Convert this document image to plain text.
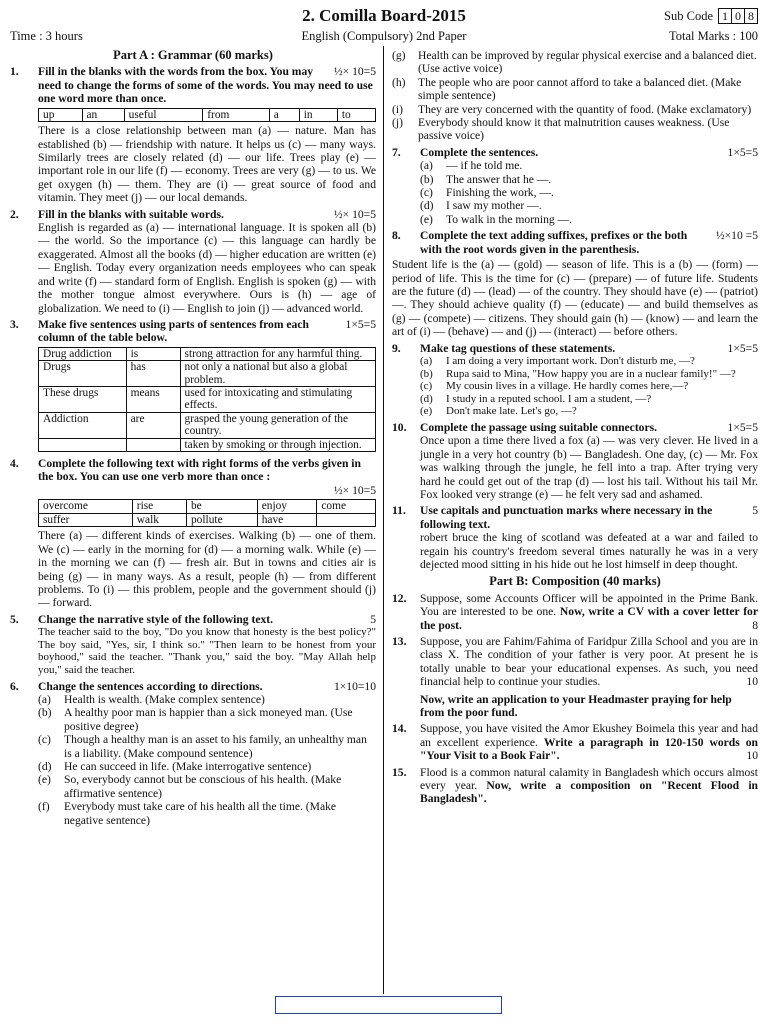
2. Comilla Board-2015
Time : 3 hours	English (Compulsory) 2nd Paper
Sub Code 1 0 8
Total Marks : 100
Part A : Grammar (60 marks)
1.	½× 10=5
Fill in the blanks with the words from the box. You may need to change the forms of some of the words. You may need to use one word more than once.
up	an	useful	from	a	in	to
There is a close relationship between man (a) — nature. Man has established (b) — friendship with nature. It helps us (c) — many ways. Similarly trees are closely related (d) — our life. Trees play (e) — important role in our life (f) — economy. Trees are very (g) — to us. We get oxygen (h) — them. They are (i) — great source of food and vitamin. They meet (j) — our local demands.
2.	½× 10=5
Fill in the blanks with suitable words.
English is regarded as (a) — international language. It is spoken all (b) — the world. So the importance (c) — this language can hardly be exaggerated. Almost all the books (d) — higher education are written (e) — English. Today every organization needs employees who can speak and write (f) — standard form of English. English is spoken (g) — with the mother tongue almost everywhere. Ours is (h) — age of globalization. We need to (i) — English to join (j) — advanced world.
3.	1×5=5
Make five sentences using parts of sentences from each column of the table below.
Drug addiction	is	strong attraction for any harmful thing.
Drugs	has	not only a national but also a global problem.
These drugs	means	used for intoxicating and stimulating effects.
Addiction	are	grasped the young generation of the country.
		taken by smoking or through injection.
4.	Complete the following text with right forms of the verbs given in the box. You can use one verb more than once :
½× 10=5
overcome	rise	be	enjoy	come
suffer	walk	pollute	have	
There (a) — different kinds of exercises. Walking (b) — one of them. We (c) — early in the morning for (d) — a morning walk. While (e) — in the morning we can (f) — fresh air. But in towns and cities air is being (g) — in many ways. As a result, people (h) — from different problems. To (i) — this problem, people and the government should (j) — forward.
5.	5
Change the narrative style of the following text.
The teacher said to the boy, "Do you know that honesty is the best policy?" The boy said, "Yes, sir, I think so." "Then learn to be honest from your boyhood," said the teacher. "Thank you," said the boy. "May Allah help you," said the teacher.
6.	1×10=10
Change the sentences according to directions.
(a)	Health is wealth. (Make complex sentence)
(b)	A healthy poor man is happier than a sick moneyed man. (Use positive degree)
(c)	Though a healthy man is an asset to his family, an unhealthy man is a liability. (Make compound sentence)
(d)	He can succeed in life. (Make interrogative sentence)
(e)	So, everybody cannot but be conscious of his health. (Make affirmative sentence)
(f)	Everybody must take care of his health all the time. (Make negative sentence)
(g)	Health can be improved by regular physical exercise and a balanced diet. (Use active voice)
(h)	The people who are poor cannot afford to take a balanced diet. (Make simple sentence)
(i)	They are very concerned with the quantity of food. (Make exclamatory)
(j)	Everybody should know it that malnutrition causes weakness. (Use passive voice)
7.	1×5=5
Complete the sentences.
(a)	— if he told me.
(b)	The answer that he —.
(c)	Finishing the work, —.
(d)	I saw my mother —.
(e)	To walk in the morning —.
8.	½×10 =5
Complete the text adding suffixes, prefixes or the both with the root words given in the parenthesis.
Student life is the (a) — (gold) — season of life. This is a (b) — (form) — period of life. This is the time for (c) — (prepare) — of future life. Students are the future (d) — (lead) — of the country. They should have (e) — (patriot) —. They should achieve quality (f) — (educate) — and build themselves as (g) — (compete) — citizens. They should gain (h) — (know) — and learn the art of (i) — (behave) — and (j) — (interact) — before others.
9.	1×5=5
Make tag questions of these statements.
(a)	I am doing a very important work. Don't disturb me, —?
(b)	Rupa said to Mina, "How happy you are in a nuclear family!" —?
(c)	My cousin lives in a village. He hardly comes here,—?
(d)	I study in a reputed school. I am a student, —?
(e)	Don't make late. Let's go, —?
10.	1×5=5
Complete the passage using suitable connectors.
Once upon a time there lived a fox (a) — was very clever. He lived in a jungle in a very hot country (b) — Bangladesh. One day, (c) — Mr. Fox was walking through the jungle, he fell into a trap. After trying very hard he could get out of the trap (d) — lost his tail. Without his tail Mr. Fox looked very strange (e) — he felt very sad and ashamed.
11.	5
Use capitals and punctuation marks where necessary in the following text.
robert bruce the king of scotland was defeated at a war and failed to regain his country's freedom several times naturally he was in a very dejected mood sitting in his hide out he lost himself in deep thought.
Part B: Composition (40 marks)
12.	Suppose, some Accounts Officer will be appointed in the Prime Bank. You are interested to be one. Now, write a CV with a cover letter for the post.	8
13.	Suppose, you are Fahim/Fahima of Faridpur Zilla School and you are in class X. The condition of your father is very poor. At present he is totally unable to bear your educational expenses. As such, you need financial help to continue your studies.	10
Now, write an application to your Headmaster praying for help from the poor fund.
14.	Suppose, you have visited the Amor Ekushey Boimela this year and had an excellent experience. Write a paragraph in 120-150 words on "Your Visit to a Book Fair".	10
15.	Flood is a common natural calamity in Bangladesh which occurs almost every year. Now, write a composition on "Recent Flood in Bangladesh".
